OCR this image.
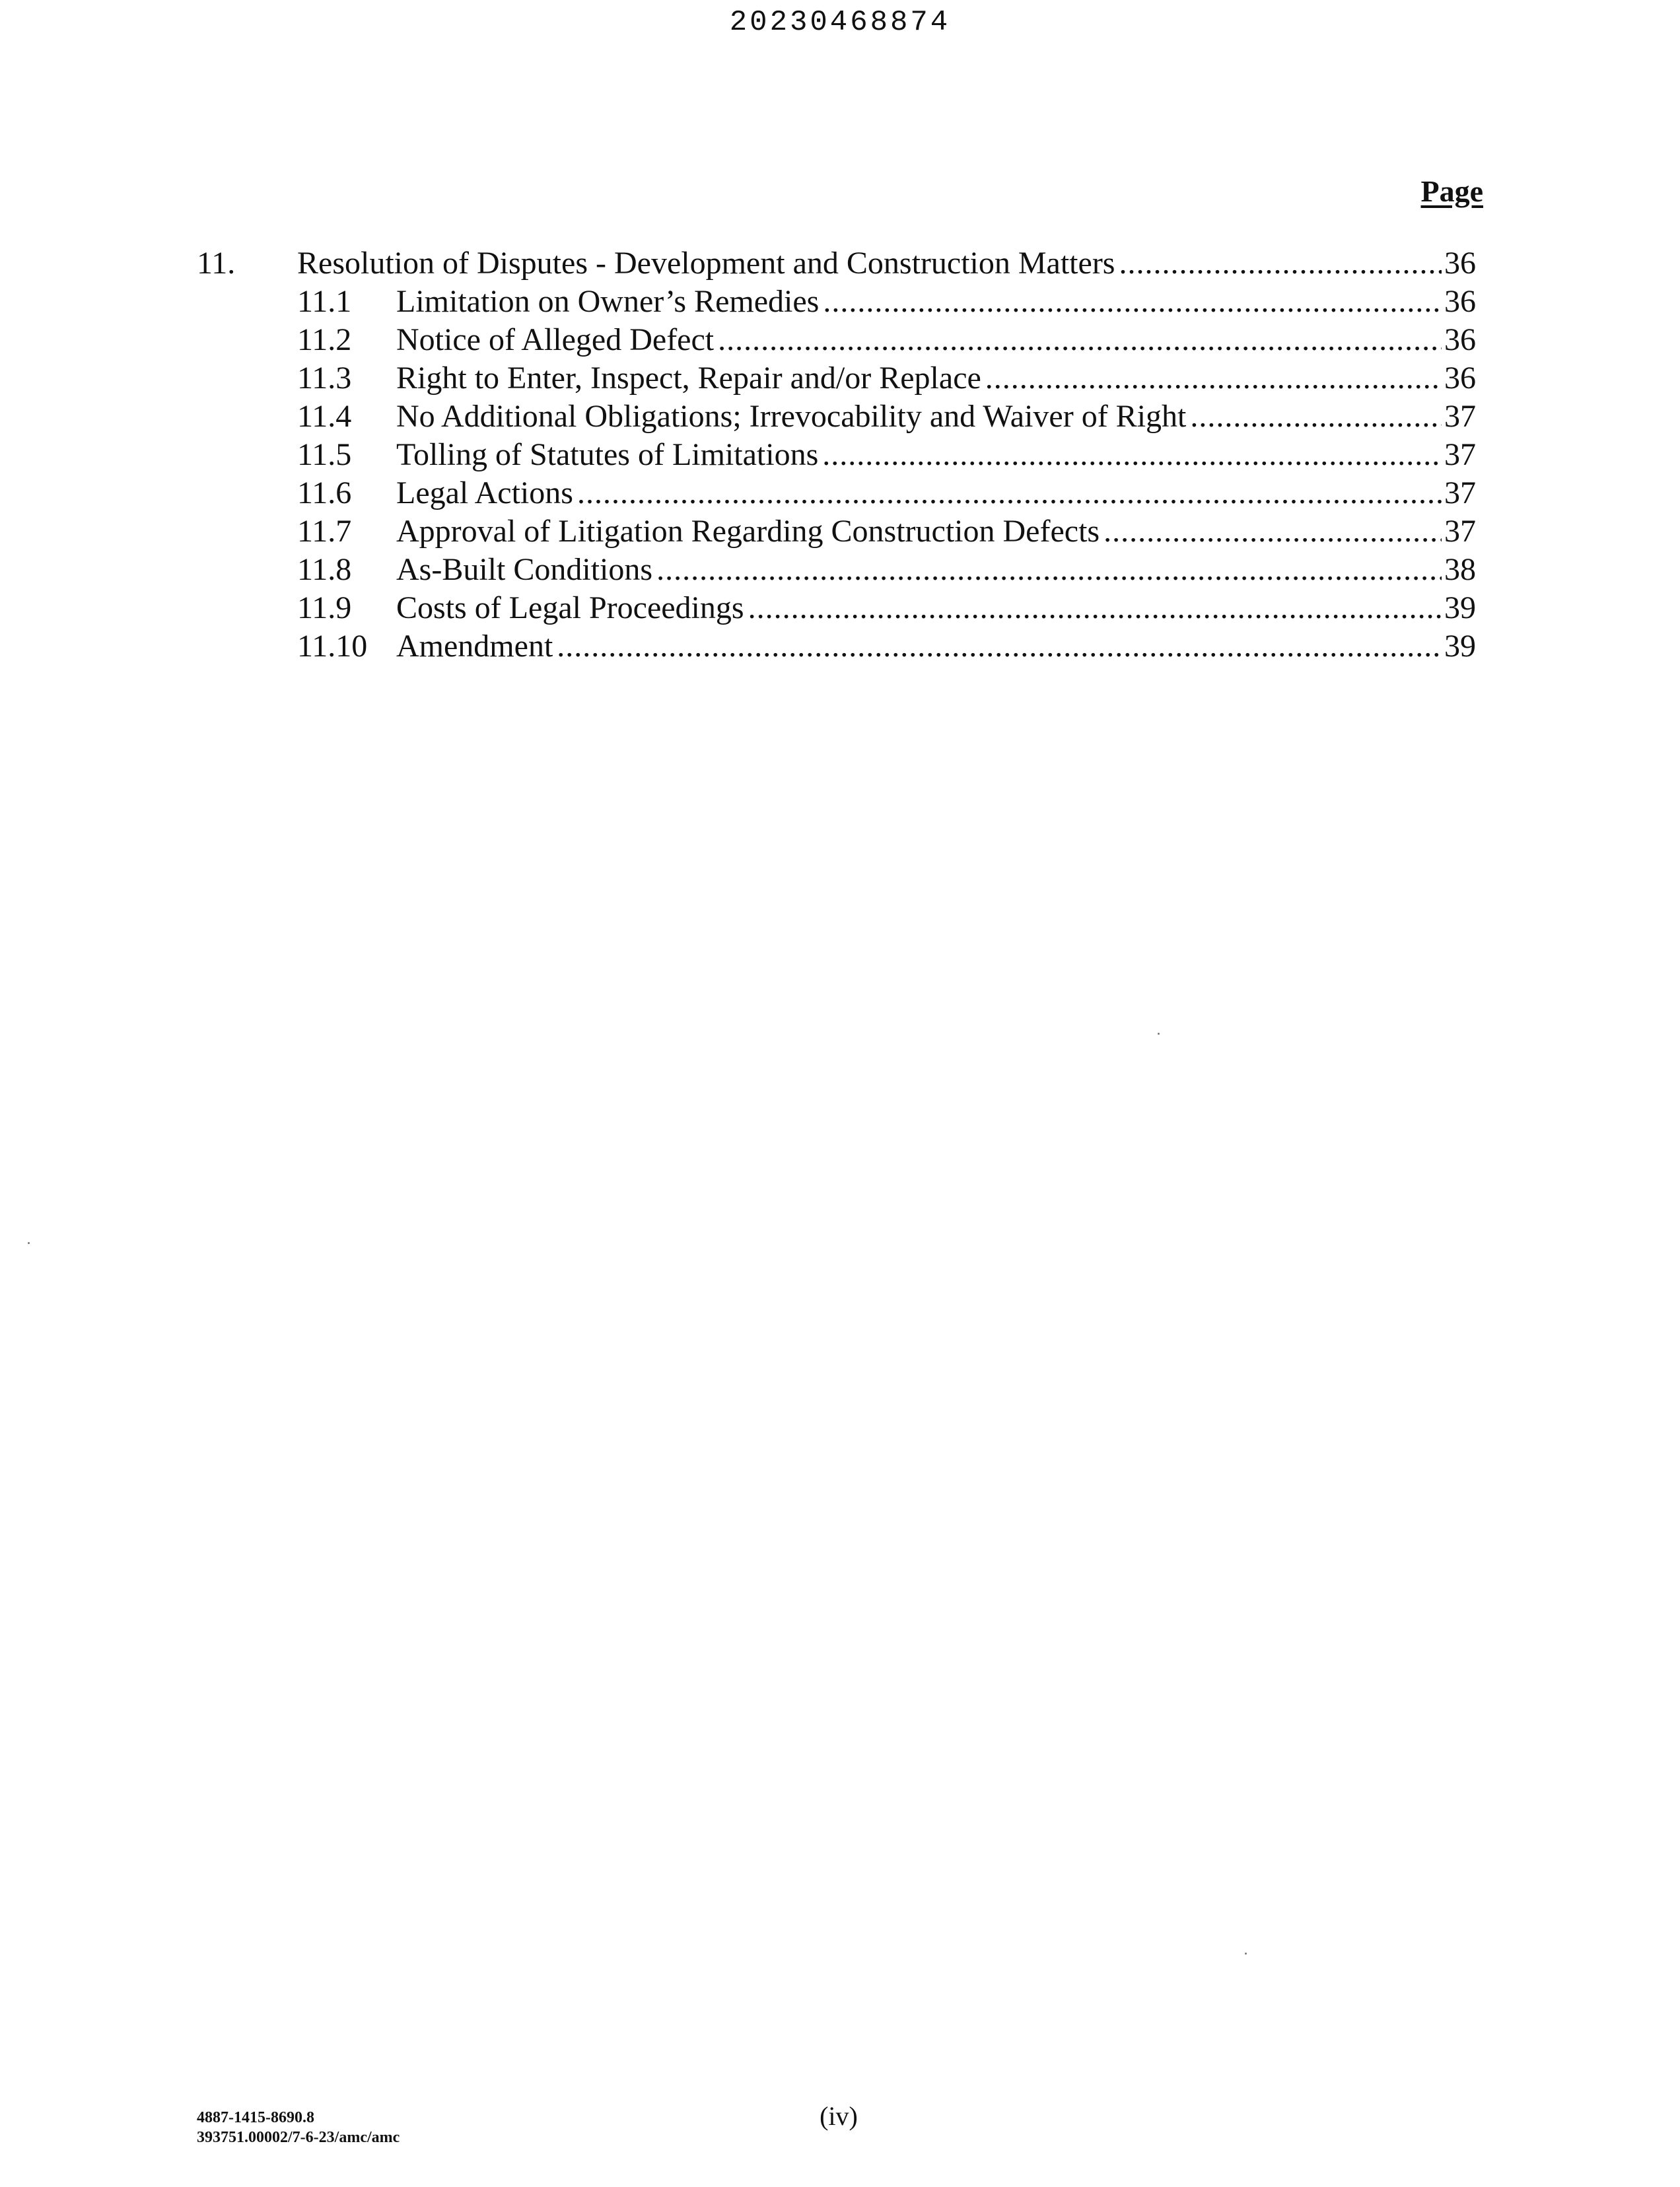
20230468874
Page
11. Resolution of Disputes - Development and Construction Matters .....	36
11.1 Limitation on Owner’s Remedies .....	36
11.2 Notice of Alleged Defect .....	36
11.3 Right to Enter, Inspect, Repair and/or Replace .....	36
11.4 No Additional Obligations; Irrevocability and Waiver of Right .....	37
11.5 Tolling of Statutes of Limitations .....	37
11.6 Legal Actions .....	37
11.7 Approval of Litigation Regarding Construction Defects .....	37
11.8 As-Built Conditions .....	38
11.9 Costs of Legal Proceedings .....	39
11.10 Amendment .....	39
4887-1415-8690.8
393751.00002/7-6-23/amc/amc
(iv)
